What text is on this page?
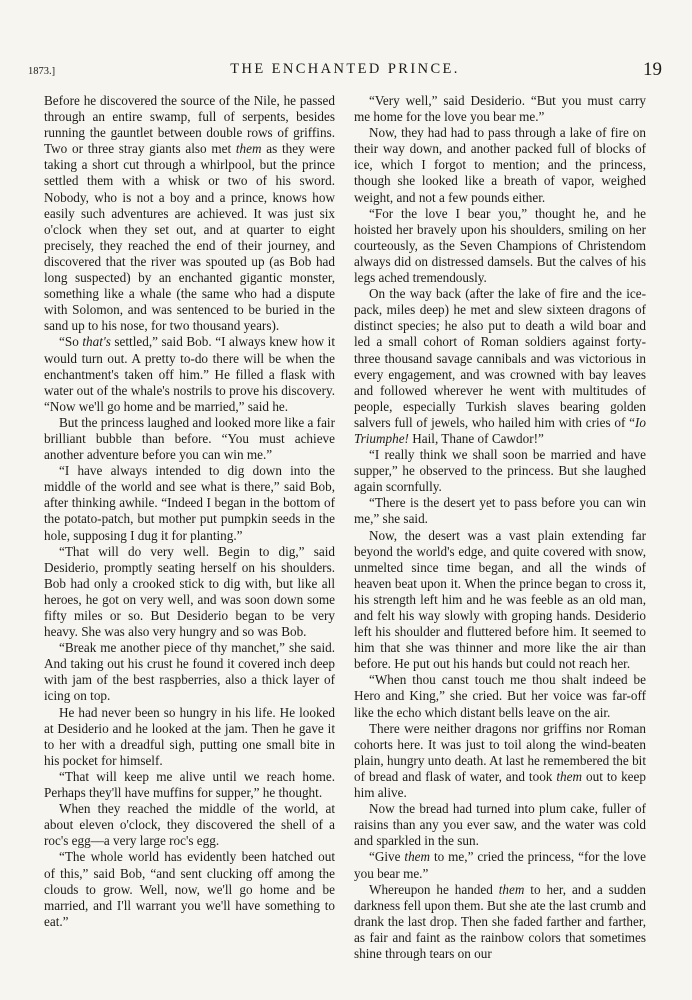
1873.]	THE ENCHANTED PRINCE.	19

Before he discovered the source of the Nile, he passed through an entire swamp, full of serpents, besides running the gauntlet between double rows of griffins. Two or three stray giants also met them as they were taking a short cut through a whirlpool, but the prince settled them with a whisk or two of his sword. Nobody, who is not a boy and a prince, knows how easily such adventures are achieved. It was just six o'clock when they set out, and at quarter to eight precisely, they reached the end of their journey, and discovered that the river was spouted up (as Bob had long suspected) by an enchanted gigantic monster, something like a whale (the same who had a dispute with Solomon, and was sentenced to be buried in the sand up to his nose, for two thousand years).

“So that's settled,” said Bob. “I always knew how it would turn out. A pretty to-do there will be when the enchantment's taken off him.” He filled a flask with water out of the whale's nostrils to prove his discovery. “Now we'll go home and be married,” said he.

But the princess laughed and looked more like a fair brilliant bubble than before. “You must achieve another adventure before you can win me.”

“I have always intended to dig down into the middle of the world and see what is there,” said Bob, after thinking awhile. “Indeed I began in the bottom of the potato-patch, but mother put pumpkin seeds in the hole, supposing I dug it for planting.”

“That will do very well. Begin to dig,” said Desiderio, promptly seating herself on his shoulders. Bob had only a crooked stick to dig with, but like all heroes, he got on very well, and was soon down some fifty miles or so. But Desiderio began to be very heavy. She was also very hungry and so was Bob.

“Break me another piece of thy manchet,” she said. And taking out his crust he found it covered inch deep with jam of the best raspberries, also a thick layer of icing on top.

He had never been so hungry in his life. He looked at Desiderio and he looked at the jam. Then he gave it to her with a dreadful sigh, putting one small bite in his pocket for himself.

“That will keep me alive until we reach home. Perhaps they'll have muffins for supper,” he thought.

When they reached the middle of the world, at about eleven o'clock, they discovered the shell of a roc's egg—a very large roc's egg.

“The whole world has evidently been hatched out of this,” said Bob, “and sent clucking off among the clouds to grow. Well, now, we'll go home and be married, and I'll warrant you we'll have something to eat.”

“Very well,” said Desiderio. “But you must carry me home for the love you bear me.”

Now, they had had to pass through a lake of fire on their way down, and another packed full of blocks of ice, which I forgot to mention; and the princess, though she looked like a breath of vapor, weighed weight, and not a few pounds either.

“For the love I bear you,” thought he, and he hoisted her bravely upon his shoulders, smiling on her courteously, as the Seven Champions of Christendom always did on distressed damsels. But the calves of his legs ached tremendously.

On the way back (after the lake of fire and the ice-pack, miles deep) he met and slew sixteen dragons of distinct species; he also put to death a wild boar and led a small cohort of Roman soldiers against forty-three thousand savage cannibals and was victorious in every engagement, and was crowned with bay leaves and followed wherever he went with multitudes of people, especially Turkish slaves bearing golden salvers full of jewels, who hailed him with cries of “Io Triumphe! Hail, Thane of Cawdor!”

“I really think we shall soon be married and have supper,” he observed to the princess. But she laughed again scornfully.

“There is the desert yet to pass before you can win me,” she said.

Now, the desert was a vast plain extending far beyond the world's edge, and quite covered with snow, unmelted since time began, and all the winds of heaven beat upon it. When the prince began to cross it, his strength left him and he was feeble as an old man, and felt his way slowly with groping hands. Desiderio left his shoulder and fluttered before him. It seemed to him that she was thinner and more like the air than before. He put out his hands but could not reach her.

“When thou canst touch me thou shalt indeed be Hero and King,” she cried. But her voice was far-off like the echo which distant bells leave on the air.

There were neither dragons nor griffins nor Roman cohorts here. It was just to toil along the wind-beaten plain, hungry unto death. At last he remembered the bit of bread and flask of water, and took them out to keep him alive.

Now the bread had turned into plum cake, fuller of raisins than any you ever saw, and the water was cold and sparkled in the sun.

“Give them to me,” cried the princess, “for the love you bear me.”

Whereupon he handed them to her, and a sudden darkness fell upon them. But she ate the last crumb and drank the last drop. Then she faded farther and farther, as fair and faint as the rainbow colors that sometimes shine through tears on our
